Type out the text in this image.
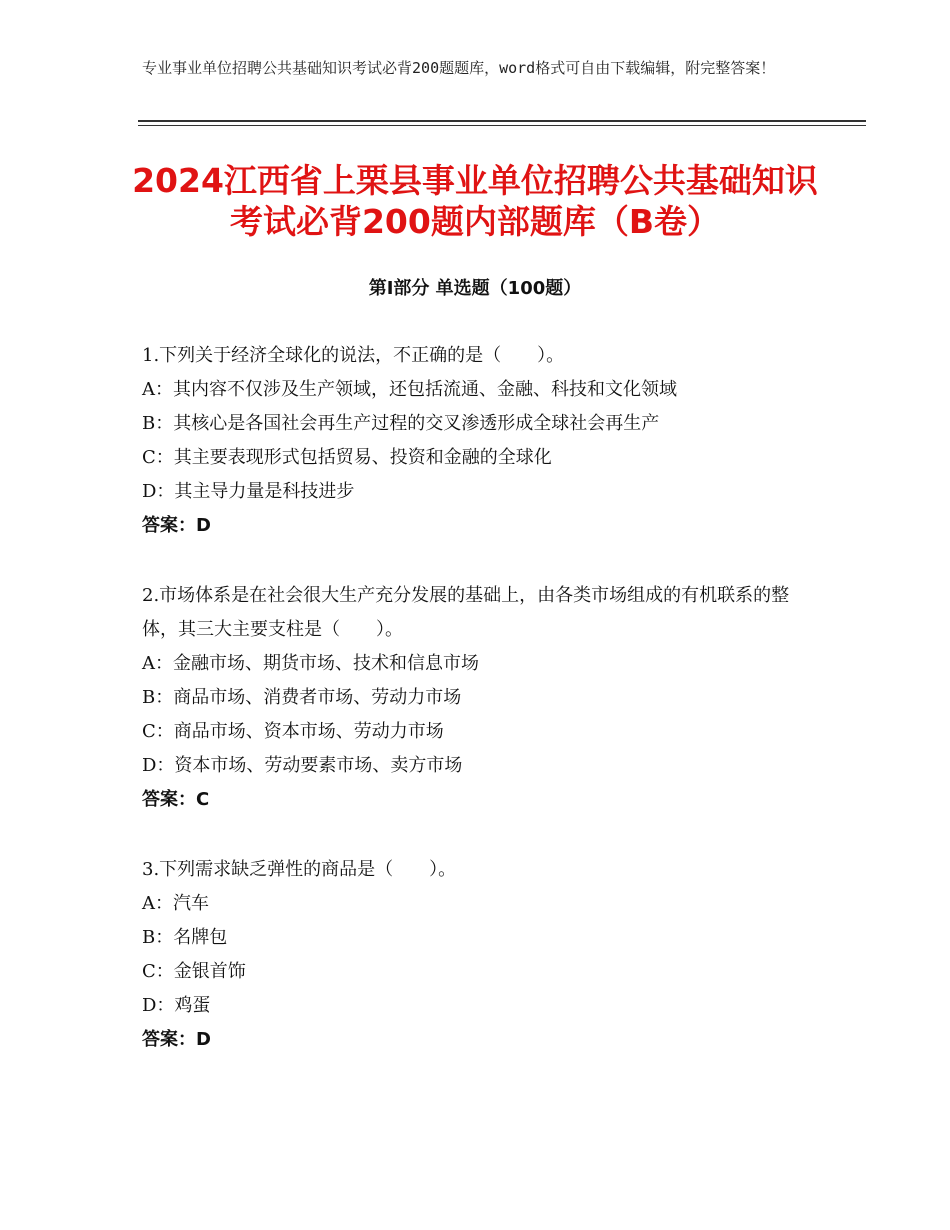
专业事业单位招聘公共基础知识考试必背200题题库，word格式可自由下载编辑，附完整答案！
2024江西省上栗县事业单位招聘公共基础知识考试必背200题内部题库（B卷）
第Ⅰ部分 单选题（100题）
1.下列关于经济全球化的说法，不正确的是（　　）。
A：其内容不仅涉及生产领域，还包括流通、金融、科技和文化领域
B：其核心是各国社会再生产过程的交叉渗透形成全球社会再生产
C：其主要表现形式包括贸易、投资和金融的全球化
D：其主导力量是科技进步
答案：D
2.市场体系是在社会很大生产充分发展的基础上，由各类市场组成的有机联系的整体，其三大主要支柱是（　　）。
A：金融市场、期货市场、技术和信息市场
B：商品市场、消费者市场、劳动力市场
C：商品市场、资本市场、劳动力市场
D：资本市场、劳动要素市场、卖方市场
答案：C
3.下列需求缺乏弹性的商品是（　　）。
A：汽车
B：名牌包
C：金银首饰
D：鸡蛋
答案：D
